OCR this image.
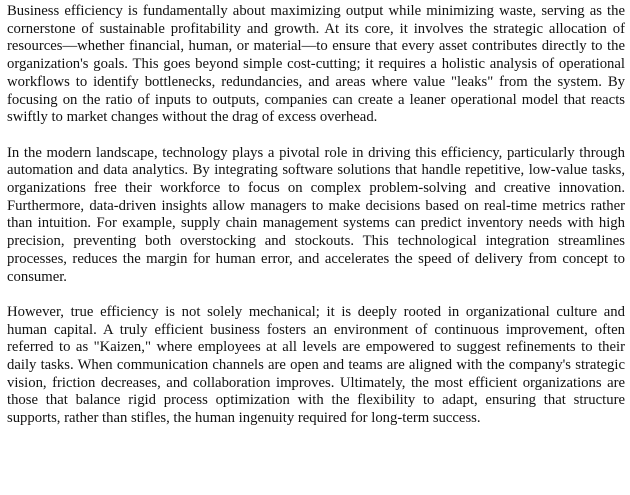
Business efficiency is fundamentally about maximizing output while minimizing waste, serving as the cornerstone of sustainable profitability and growth. At its core, it involves the strategic allocation of resources—whether financial, human, or material—to ensure that every asset contributes directly to the organization's goals. This goes beyond simple cost-cutting; it requires a holistic analysis of operational workflows to identify bottlenecks, redundancies, and areas where value "leaks" from the system. By focusing on the ratio of inputs to outputs, companies can create a leaner operational model that reacts swiftly to market changes without the drag of excess overhead.

In the modern landscape, technology plays a pivotal role in driving this efficiency, particularly through automation and data analytics. By integrating software solutions that handle repetitive, low-value tasks, organizations free their workforce to focus on complex problem-solving and creative innovation. Furthermore, data-driven insights allow managers to make decisions based on real-time metrics rather than intuition. For example, supply chain management systems can predict inventory needs with high precision, preventing both overstocking and stockouts. This technological integration streamlines processes, reduces the margin for human error, and accelerates the speed of delivery from concept to consumer.

However, true efficiency is not solely mechanical; it is deeply rooted in organizational culture and human capital. A truly efficient business fosters an environment of continuous improvement, often referred to as "Kaizen," where employees at all levels are empowered to suggest refinements to their daily tasks. When communication channels are open and teams are aligned with the company's strategic vision, friction decreases, and collaboration improves. Ultimately, the most efficient organizations are those that balance rigid process optimization with the flexibility to adapt, ensuring that structure supports, rather than stifles, the human ingenuity required for long-term success.
